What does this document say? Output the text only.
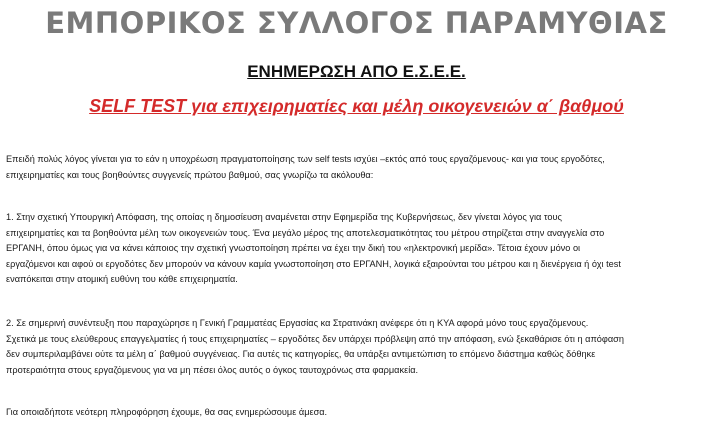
ΕΜΠΟΡΙΚΟΣ ΣΥΛΛΟΓΟΣ ΠΑΡΑΜΥΘΙΑΣ
ΕΝΗΜΕΡΩΣΗ ΑΠΟ Ε.Σ.Ε.Ε.
SELF TEST για επιχειρηματίες και μέλη οικογενειών α΄ βαθμού
Επειδή πολύς λόγος γίνεται για το εάν η υποχρέωση πραγματοποίησης των self tests ισχύει –εκτός από τους εργαζόμενους- και για τους εργοδότες,
επιχειρηματίες και τους βοηθούντες συγγενείς πρώτου βαθμού, σας γνωρίζω τα ακόλουθα:
1. Στην σχετική Υπουργική Απόφαση, της οποίας η δημοσίευση αναμένεται στην Εφημερίδα της Κυβερνήσεως, δεν γίνεται λόγος για τους
επιχειρηματίες και τα βοηθούντα μέλη των οικογενειών τους. Ένα μεγάλο μέρος της αποτελεσματικότητας του μέτρου στηρίζεται στην αναγγελία στο
ΕΡΓΑΝΗ, όπου όμως για να κάνει κάποιος την σχετική γνωστοποίηση πρέπει να έχει την δική του «ηλεκτρονική μερίδα». Τέτοια έχουν μόνο οι
εργαζόμενοι και αφού οι εργοδότες δεν μπορούν να κάνουν καμία γνωστοποίηση στο ΕΡΓΑΝΗ, λογικά εξαιρούνται του μέτρου και η διενέργεια ή όχι test
εναπόκειται στην ατομική ευθύνη του κάθε επιχειρηματία.
2. Σε σημερινή συνέντευξη που παραχώρησε η Γενική Γραμματέας Εργασίας κα Στρατινάκη ανέφερε ότι η ΚΥΑ αφορά μόνο τους εργαζόμενους.
Σχετικά με τους ελεύθερους επαγγελματίες ή τους επιχειρηματίες – εργοδότες δεν υπάρχει πρόβλεψη από την απόφαση, ενώ ξεκαθάρισε ότι η απόφαση
δεν συμπεριλαμβάνει ούτε τα μέλη α΄ βαθμού συγγένειας. Για αυτές τις κατηγορίες, θα υπάρξει αντιμετώπιση το επόμενο διάστημα καθώς δόθηκε
προτεραιότητα στους εργαζόμενους για να μη πέσει όλος αυτός ο όγκος ταυτοχρόνως στα φαρμακεία.
Για οποιαδήποτε νεότερη πληροφόρηση έχουμε, θα σας ενημερώσουμε άμεσα.
